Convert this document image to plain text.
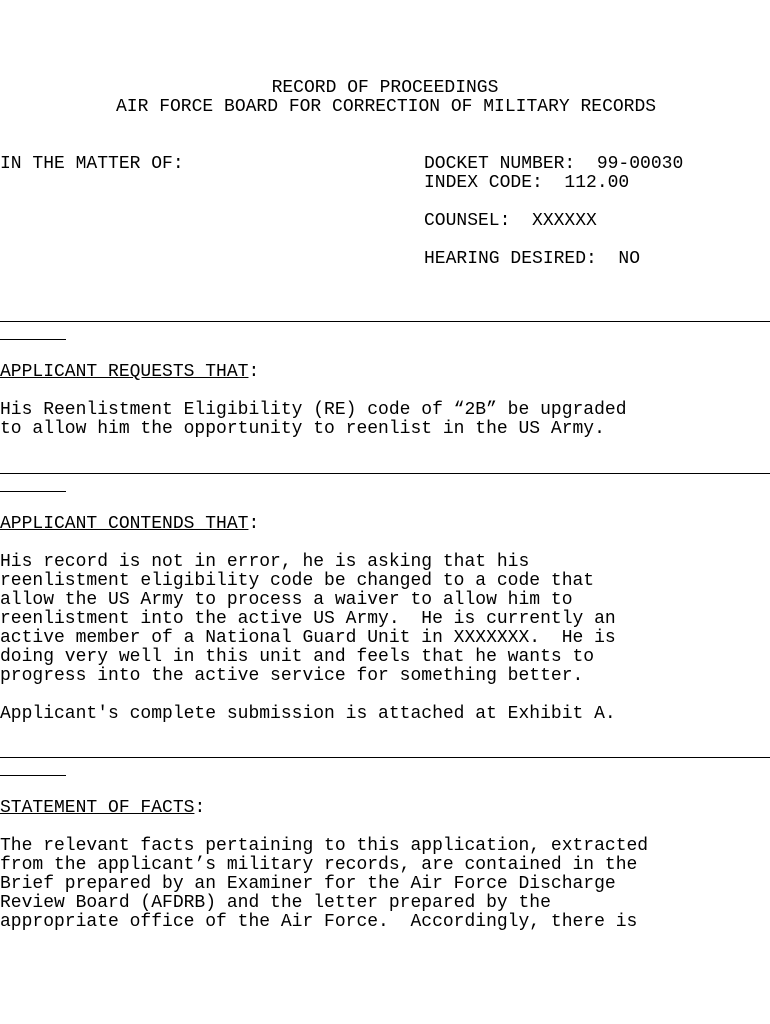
RECORD OF PROCEEDINGS
AIR FORCE BOARD FOR CORRECTION OF MILITARY RECORDS
IN THE MATTER OF:	DOCKET NUMBER:  99-00030
INDEX CODE:  112.00
COUNSEL:  XXXXXX
HEARING DESIRED:  NO
APPLICANT REQUESTS THAT:
His Reenlistment Eligibility (RE) code of “2B” be upgraded
to allow him the opportunity to reenlist in the US Army.
APPLICANT CONTENDS THAT:
His record is not in error, he is asking that his
reenlistment eligibility code be changed to a code that
allow the US Army to process a waiver to allow him to
reenlistment into the active US Army.  He is currently an
active member of a National Guard Unit in XXXXXXX.  He is
doing very well in this unit and feels that he wants to
progress into the active service for something better.
Applicant's complete submission is attached at Exhibit A.
STATEMENT OF FACTS:
The relevant facts pertaining to this application, extracted
from the applicant’s military records, are contained in the
Brief prepared by an Examiner for the Air Force Discharge
Review Board (AFDRB) and the letter prepared by the
appropriate office of the Air Force.  Accordingly, there is
